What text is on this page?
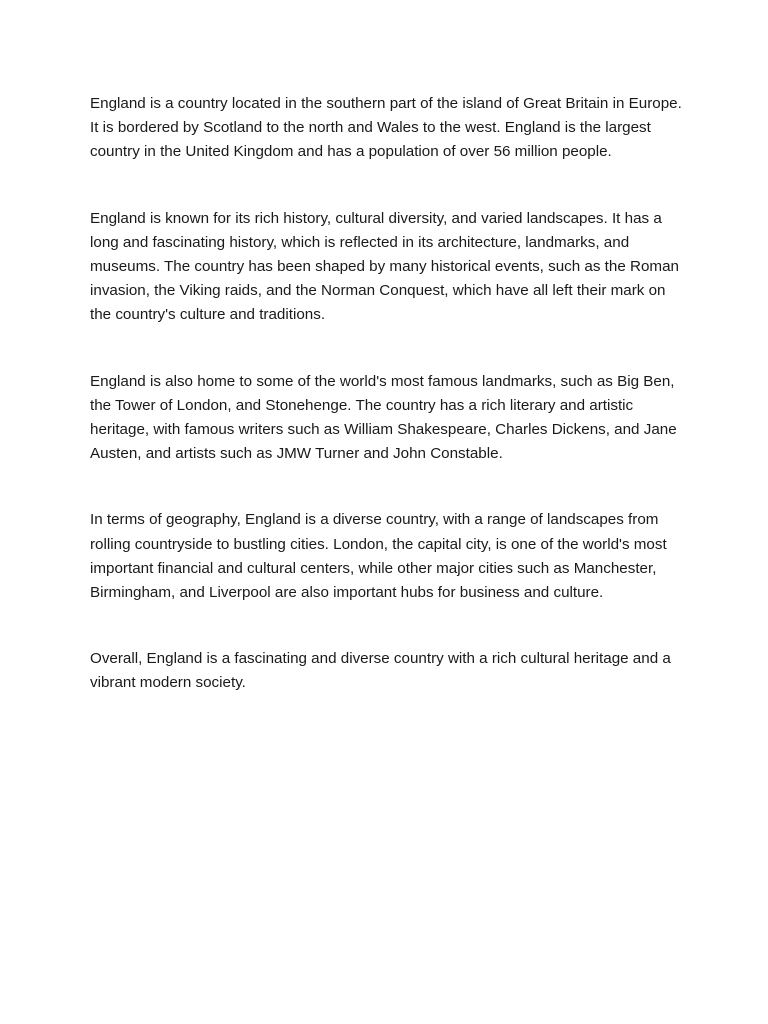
England is a country located in the southern part of the island of Great Britain in Europe. It is bordered by Scotland to the north and Wales to the west. England is the largest country in the United Kingdom and has a population of over 56 million people.

England is known for its rich history, cultural diversity, and varied landscapes. It has a long and fascinating history, which is reflected in its architecture, landmarks, and museums. The country has been shaped by many historical events, such as the Roman invasion, the Viking raids, and the Norman Conquest, which have all left their mark on the country's culture and traditions.

England is also home to some of the world's most famous landmarks, such as Big Ben, the Tower of London, and Stonehenge. The country has a rich literary and artistic heritage, with famous writers such as William Shakespeare, Charles Dickens, and Jane Austen, and artists such as JMW Turner and John Constable.

In terms of geography, England is a diverse country, with a range of landscapes from rolling countryside to bustling cities. London, the capital city, is one of the world's most important financial and cultural centers, while other major cities such as Manchester, Birmingham, and Liverpool are also important hubs for business and culture.

Overall, England is a fascinating and diverse country with a rich cultural heritage and a vibrant modern society.
